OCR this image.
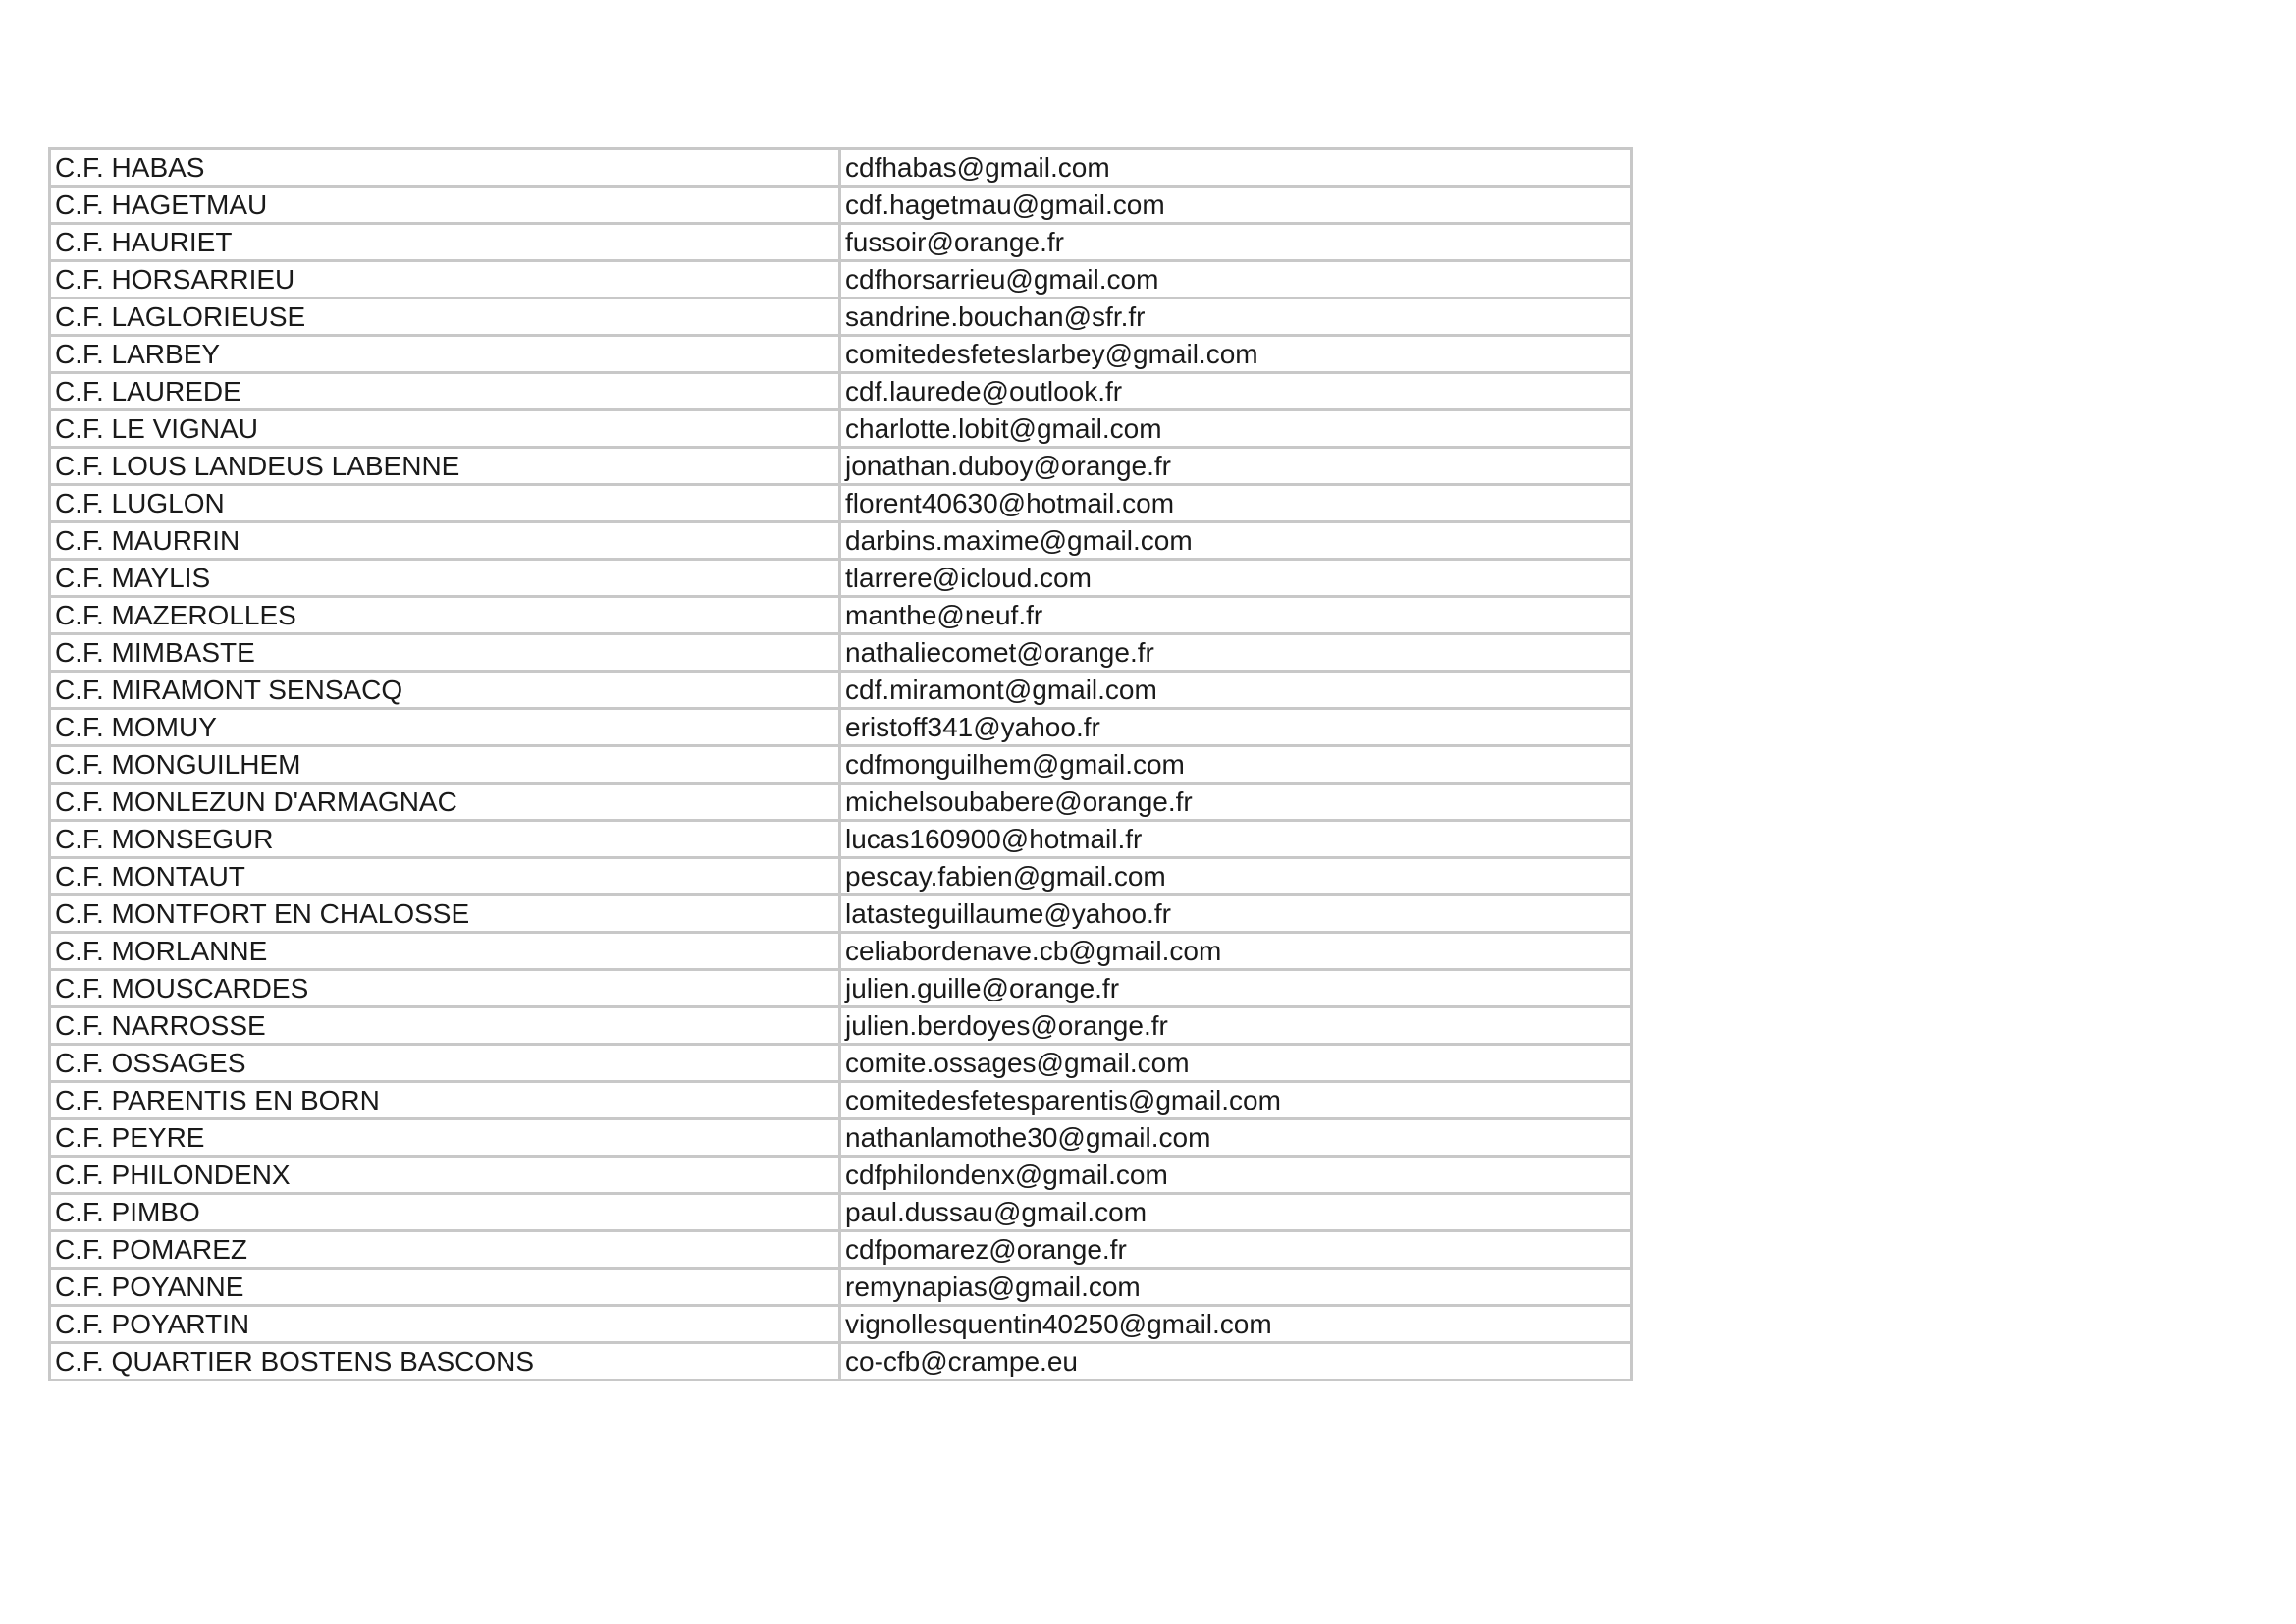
C.F. HABAS	cdfhabas@gmail.com
C.F. HAGETMAU	cdf.hagetmau@gmail.com
C.F. HAURIET	fussoir@orange.fr
C.F. HORSARRIEU	cdfhorsarrieu@gmail.com
C.F. LAGLORIEUSE	sandrine.bouchan@sfr.fr
C.F. LARBEY	comitedesfeteslarbey@gmail.com
C.F. LAUREDE	cdf.laurede@outlook.fr
C.F. LE VIGNAU	charlotte.lobit@gmail.com
C.F. LOUS LANDEUS LABENNE	jonathan.duboy@orange.fr
C.F. LUGLON	florent40630@hotmail.com
C.F. MAURRIN	darbins.maxime@gmail.com
C.F. MAYLIS	tlarrere@icloud.com
C.F. MAZEROLLES	manthe@neuf.fr
C.F. MIMBASTE	nathaliecomet@orange.fr
C.F. MIRAMONT SENSACQ	cdf.miramont@gmail.com
C.F. MOMUY	eristoff341@yahoo.fr
C.F. MONGUILHEM	cdfmonguilhem@gmail.com
C.F. MONLEZUN D'ARMAGNAC	michelsoubabere@orange.fr
C.F. MONSEGUR	lucas160900@hotmail.fr
C.F. MONTAUT	pescay.fabien@gmail.com
C.F. MONTFORT EN CHALOSSE	latasteguillaume@yahoo.fr
C.F. MORLANNE	celiabordenave.cb@gmail.com
C.F. MOUSCARDES	julien.guille@orange.fr
C.F. NARROSSE	julien.berdoyes@orange.fr
C.F. OSSAGES	comite.ossages@gmail.com
C.F. PARENTIS EN BORN	comitedesfetesparentis@gmail.com
C.F. PEYRE	nathanlamothe30@gmail.com
C.F. PHILONDENX	cdfphilondenx@gmail.com
C.F. PIMBO	paul.dussau@gmail.com
C.F. POMAREZ	cdfpomarez@orange.fr
C.F. POYANNE	remynapias@gmail.com
C.F. POYARTIN	vignollesquentin40250@gmail.com
C.F. QUARTIER BOSTENS BASCONS	co-cfb@crampe.eu
